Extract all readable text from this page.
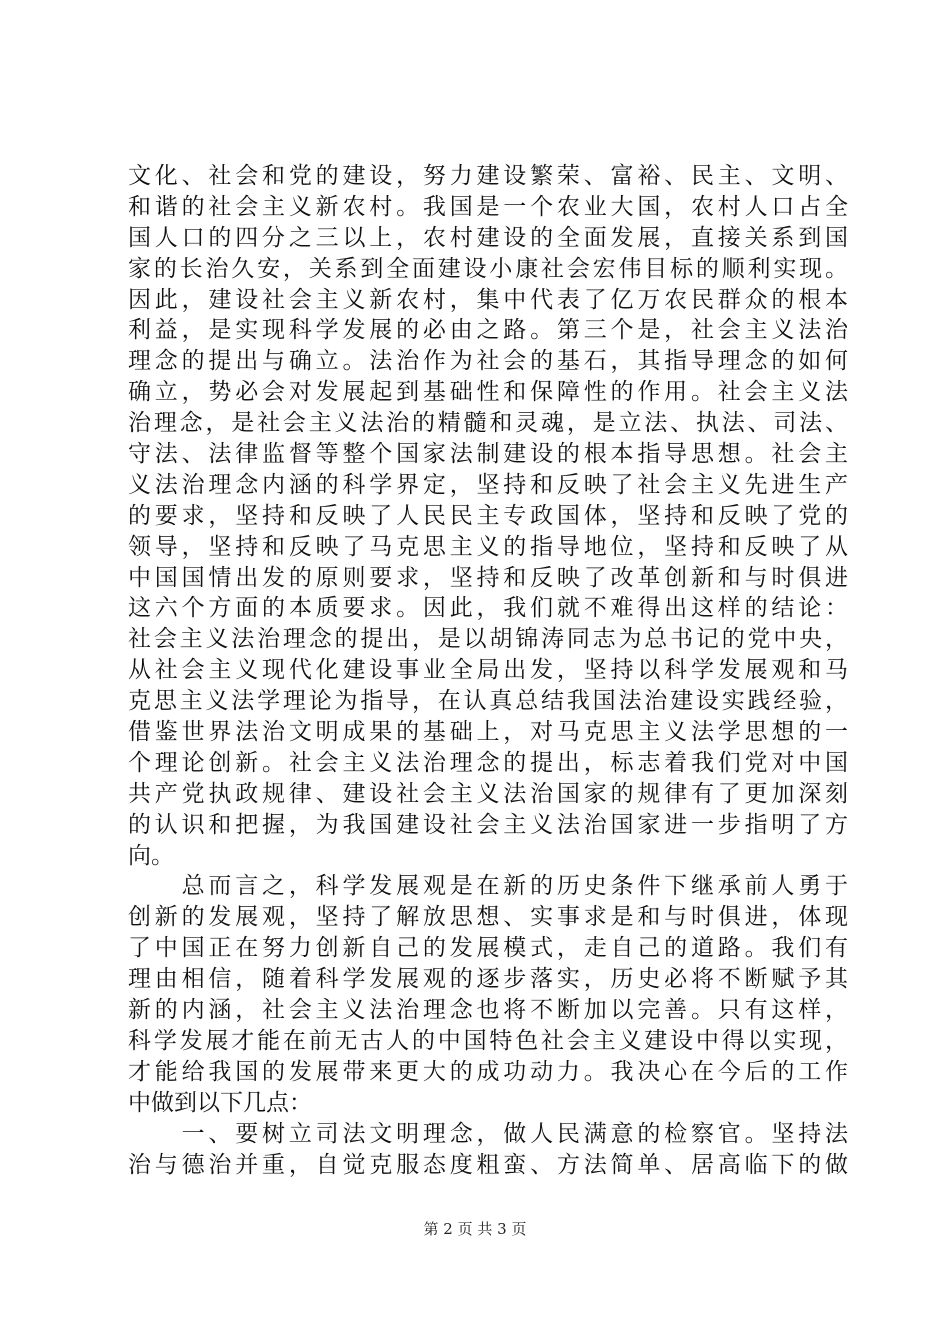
文化、社会和党的建设，努力建设繁荣、富裕、民主、文明、
和谐的社会主义新农村。我国是一个农业大国，农村人口占全
国人口的四分之三以上，农村建设的全面发展，直接关系到国
家的长治久安，关系到全面建设小康社会宏伟目标的顺利实现。
因此，建设社会主义新农村，集中代表了亿万农民群众的根本
利益，是实现科学发展的必由之路。第三个是，社会主义法治
理念的提出与确立。法治作为社会的基石，其指导理念的如何
确立，势必会对发展起到基础性和保障性的作用。社会主义法
治理念，是社会主义法治的精髓和灵魂，是立法、执法、司法、
守法、法律监督等整个国家法制建设的根本指导思想。社会主
义法治理念内涵的科学界定，坚持和反映了社会主义先进生产
的要求，坚持和反映了人民民主专政国体，坚持和反映了党的
领导，坚持和反映了马克思主义的指导地位，坚持和反映了从
中国国情出发的原则要求，坚持和反映了改革创新和与时俱进
这六个方面的本质要求。因此，我们就不难得出这样的结论：
社会主义法治理念的提出，是以胡锦涛同志为总书记的党中央，
从社会主义现代化建设事业全局出发，坚持以科学发展观和马
克思主义法学理论为指导，在认真总结我国法治建设实践经验，
借鉴世界法治文明成果的基础上，对马克思主义法学思想的一
个理论创新。社会主义法治理念的提出，标志着我们党对中国
共产党执政规律、建设社会主义法治国家的规律有了更加深刻
的认识和把握，为我国建设社会主义法治国家进一步指明了方
向。
　　总而言之，科学发展观是在新的历史条件下继承前人勇于
创新的发展观，坚持了解放思想、实事求是和与时俱进，体现
了中国正在努力创新自己的发展模式，走自己的道路。我们有
理由相信，随着科学发展观的逐步落实，历史必将不断赋予其
新的内涵，社会主义法治理念也将不断加以完善。只有这样，
科学发展才能在前无古人的中国特色社会主义建设中得以实现，
才能给我国的发展带来更大的成功动力。我决心在今后的工作
中做到以下几点：
　　一、要树立司法文明理念，做人民满意的检察官。坚持法
治与德治并重，自觉克服态度粗蛮、方法简单、居高临下的做
第 2 页 共 3 页
